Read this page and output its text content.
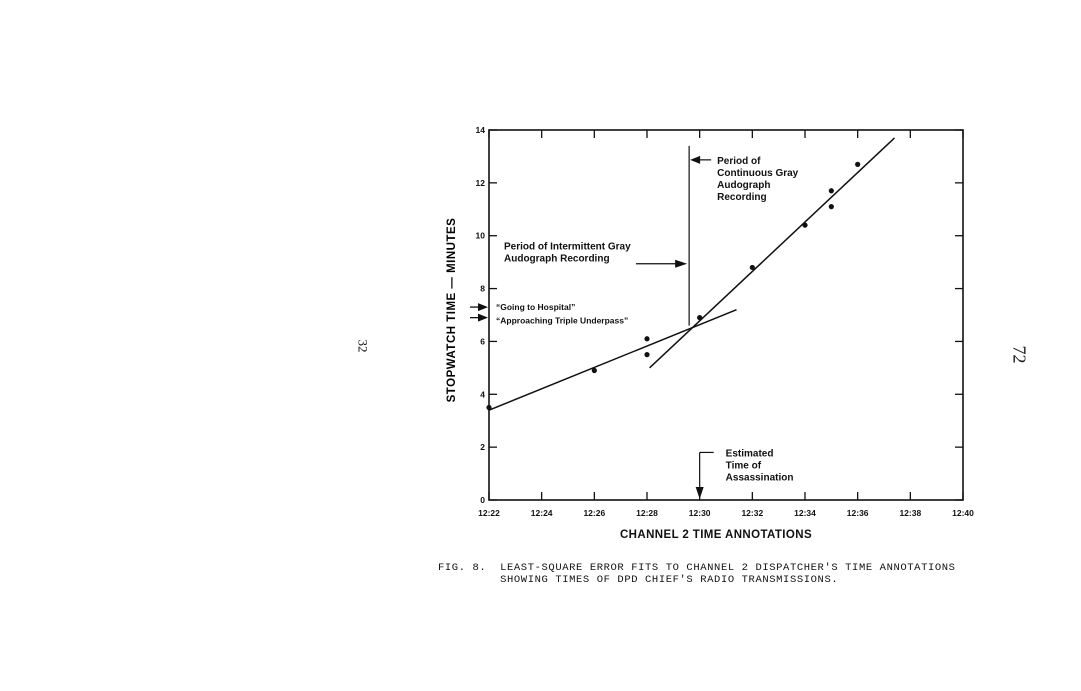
12:22	12:24	12:26	12:28	12:30	12:32	12:34	12:36	12:38	12:40
0
2
4
6
8
10
12
14
CHANNEL 2 TIME ANNOTATIONS
Period of
Continuous Gray
Audograph
Recording
Period of Intermittent Gray
Audograph Recording
“Going to Hospital”
“Approaching Triple Underpass”
Estimated
Time of
Assassination
STOPWATCH TIME — MINUTES
32	72
FIG. 8.  LEAST-SQUARE ERROR FITS TO CHANNEL 2 DISPATCHER'S TIME ANNOTATIONS
SHOWING TIMES OF DPD CHIEF'S RADIO TRANSMISSIONS.
